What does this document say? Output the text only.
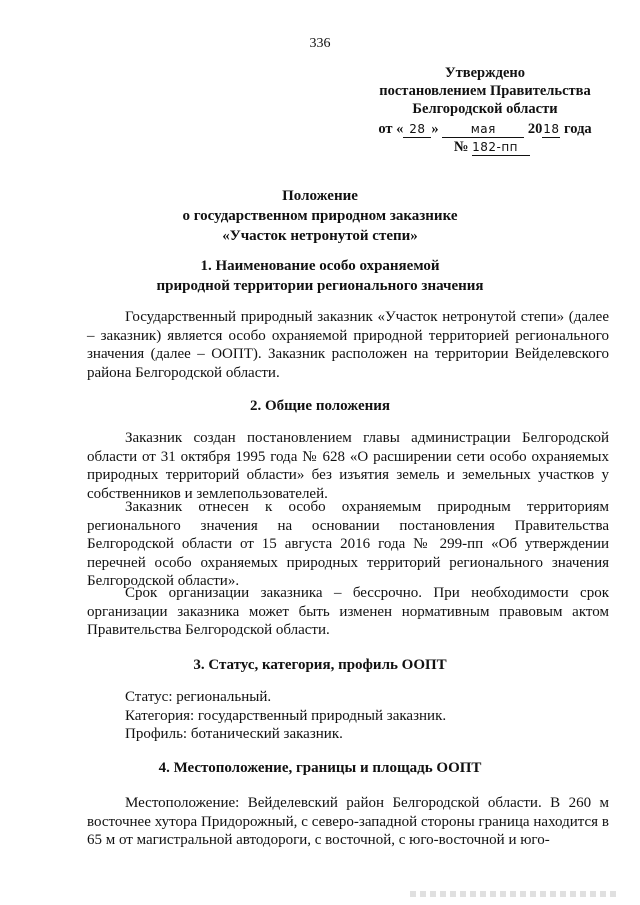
336
Утверждено
постановлением Правительства
Белгородской области
от « 28 » мая 2018 года
№ 182-пп
Положение
о государственном природном заказнике
«Участок нетронутой степи»
1. Наименование особо охраняемой
природной территории регионального значения
Государственный природный заказник «Участок нетронутой степи» (далее – заказник) является особо охраняемой природной территорией регионального значения (далее – ООПТ). Заказник расположен на территории Вейделевского района Белгородской области.
2. Общие положения
Заказник создан постановлением главы администрации Белгородской области от 31 октября 1995 года № 628 «О расширении сети особо охраняемых природных территорий области» без изъятия земель и земельных участков у собственников и землепользователей.
Заказник отнесен к особо охраняемым природным территориям регионального значения на основании постановления Правительства Белгородской области от 15 августа 2016 года № 299-пп «Об утверждении перечней особо охраняемых природных территорий регионального значения Белгородской области».
Срок организации заказника – бессрочно. При необходимости срок организации заказника может быть изменен нормативным правовым актом Правительства Белгородской области.
3. Статус, категория, профиль ООПТ
Статус: региональный.
Категория: государственный природный заказник.
Профиль: ботанический заказник.
4. Местоположение, границы и площадь ООПТ
Местоположение: Вейделевский район Белгородской области. В 260 м восточнее хутора Придорожный, с северо-западной стороны граница находится в 65 м от магистральной автодороги, с восточной, с юго-восточной и юго-
